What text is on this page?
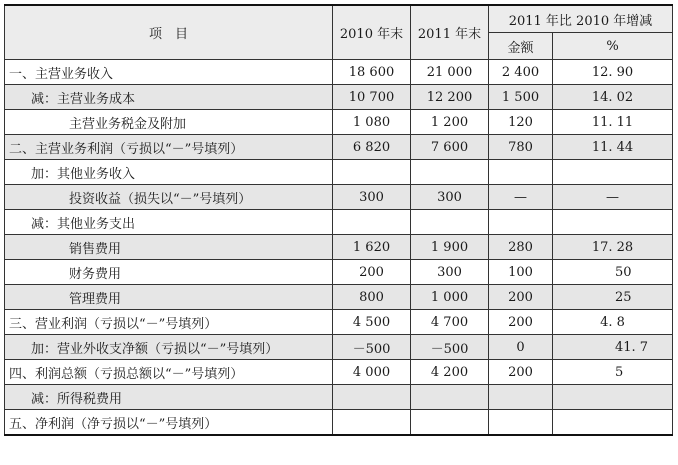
项　目	2010 年末	2011 年末	2011 年比 2010 年增减	
			金额	%
一、主营业务收入	18 600	21 000	2 400	12. 90
减：主营业务成本	10 700	12 200	1 500	14. 02
主营业务税金及附加	1 080	1 200	120	11. 11
二、主营业务利润（亏损以“－”号填列）	6 820	7 600	780	11. 44
加：其他业务收入				
投资收益（损失以“－”号填列）	300	300	—	—
减：其他业务支出				
销售费用	1 620	1 900	280	17. 28
财务费用	200	300	100	50
管理费用	800	1 000	200	25
三、营业利润（亏损以“－”号填列）	4 500	4 700	200	4. 8
加：营业外收支净额（亏损以“－”号填列）	－500	－500	0	41. 7
四、利润总额（亏损总额以“－”号填列）	4 000	4 200	200	5
减：所得税费用				
五、净利润（净亏损以“－”号填列）				
